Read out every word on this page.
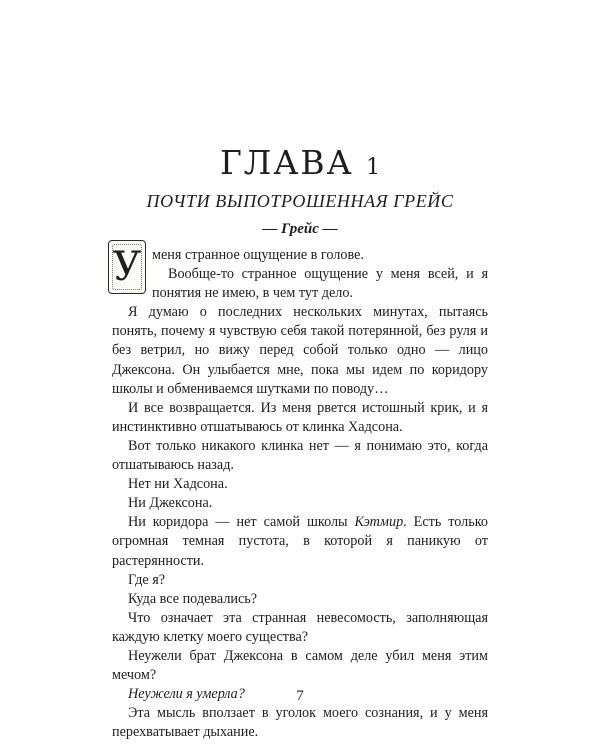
ГЛАВА 1
ПОЧТИ ВЫПОТРОШЕННАЯ ГРЕЙС
— Грейс —

У меня странное ощущение в голове.

Вообще-то странное ощущение у меня всей, и я понятия не имею, в чем тут дело.

Я думаю о последних нескольких минутах, пытаясь понять, почему я чувствую себя такой потерянной, без руля и без ветрил, но вижу перед собой только одно — лицо Джексона. Он улыбается мне, пока мы идем по коридору школы и обмениваемся шутками по поводу…

И все возвращается. Из меня рвется истошный крик, и я инстинктивно отшатываюсь от клинка Хадсона.

Вот только никакого клинка нет — я понимаю это, когда отшатываюсь назад.

Нет ни Хадсона.

Ни Джексона.

Ни коридора — нет самой школы Кэтмир. Есть только огромная темная пустота, в которой я паникую от растерянности.

Где я?

Куда все подевались?

Что означает эта странная невесомость, заполняющая каждую клетку моего существа?

Неужели брат Джексона в самом деле убил меня этим мечом?

Неужели я умерла?

Эта мысль вползает в уголок моего сознания, и у меня перехватывает дыхание.

7
